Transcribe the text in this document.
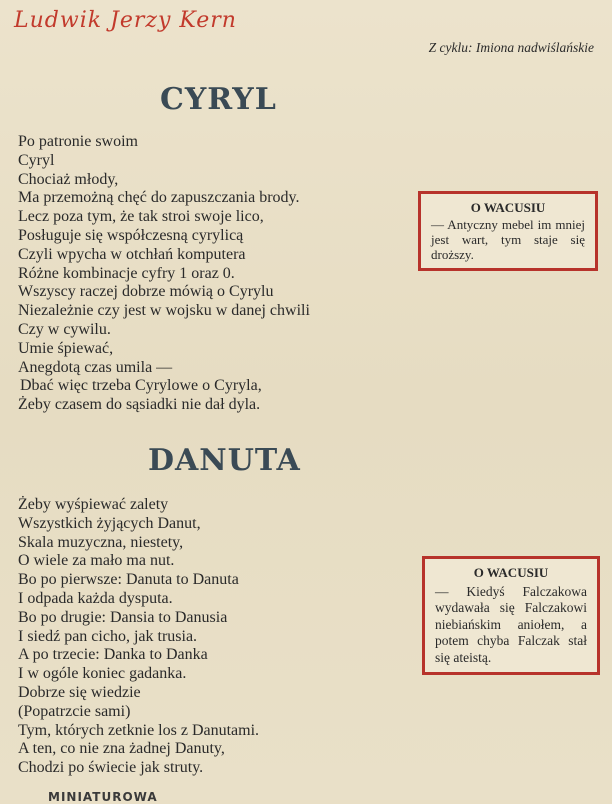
Ludwik Jerzy Kern
Z cyklu: Imiona nadwiślańskie
CYRYL
Po patronie swoim
Cyryl
Chociaż młody,
Ma przemożną chęć do zapuszczania brody.
Lecz poza tym, że tak stroi swoje lico,
Posługuje się współczesną cyrylicą
Czyli wpycha w otchłań komputera
Różne kombinacje cyfry 1 oraz 0.
Wszyscy raczej dobrze mówią o Cyrylu
Niezależnie czy jest w wojsku w danej chwili
Czy w cywilu.
Umie śpiewać,
Anegdotą czas umila —
Dbać więc trzeba Cyrylowe o Cyryla,
Żeby czasem do sąsiadki nie dał dyla.
DANUTA
Żeby wyśpiewać zalety
Wszystkich żyjących Danut,
Skala muzyczna, niestety,
O wiele za mało ma nut.
Bo po pierwsze: Danuta to Danuta
I odpada każda dysputa.
Bo po drugie: Dansia to Danusia
I siedź pan cicho, jak trusia.
A po trzecie: Danka to Danka
I w ogóle koniec gadanka.
Dobrze się wiedzie
(Popatrzcie sami)
Tym, których zetknie los z Danutami.
A ten, co nie zna żadnej Danuty,
Chodzi po świecie jak struty.
O WACUSIU
— Antyczny mebel im mniej jest wart, tym staje się droższy.
O WACUSIU
— Kiedyś Falczakowa wydawała się Falczakowi niebiańskim aniołem, a potem chyba Falczak stał się ateistą.
MINIATUROWA
